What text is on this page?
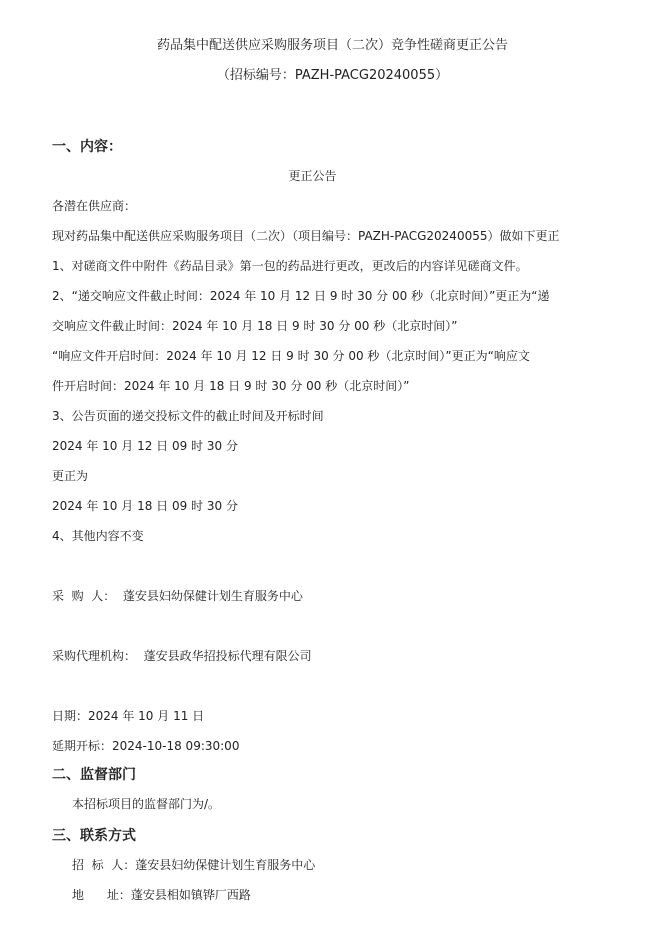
药品集中配送供应采购服务项目（二次）竞争性磋商更正公告
（招标编号：PAZH-PACG20240055）
一、内容：
更正公告
各潜在供应商：
现对药品集中配送供应采购服务项目（二次）（项目编号：PAZH-PACG20240055）做如下更正
1、对磋商文件中附件《药品目录》第一包的药品进行更改，更改后的内容详见磋商文件。
2、“递交响应文件截止时间：2024 年 10 月 12 日 9 时 30 分 00 秒（北京时间）”更正为“递
交响应文件截止时间：2024 年 10 月 18 日 9 时 30 分 00 秒（北京时间）”
“响应文件开启时间：2024 年 10 月 12 日 9 时 30 分 00 秒（北京时间）”更正为“响应文
件开启时间：2024 年 10 月 18 日 9 时 30 分 00 秒（北京时间）”
3、公告页面的递交投标文件的截止时间及开标时间
2024 年 10 月 12 日 09 时 30 分
更正为
2024 年 10 月 18 日 09 时 30 分
4、其他内容不变
采  购  人：  蓬安县妇幼保健计划生育服务中心
采购代理机构：  蓬安县政华招投标代理有限公司
日期：2024 年 10 月 11 日
延期开标：2024-10-18 09:30:00
二、监督部门
本招标项目的监督部门为/。
三、联系方式
招  标  人：蓬安县妇幼保健计划生育服务中心
地      址：蓬安县相如镇铧厂西路
